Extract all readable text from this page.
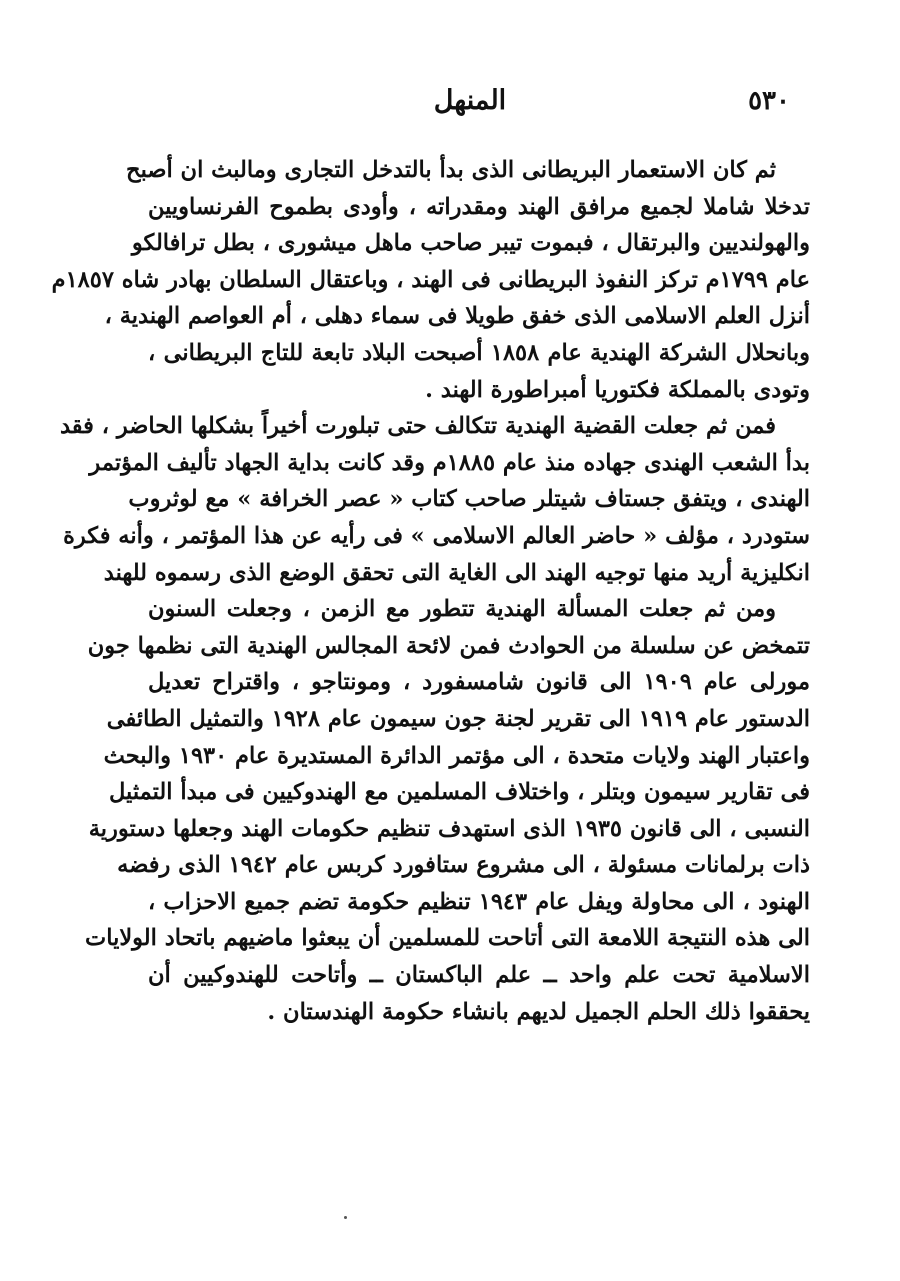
٥٣٠
المنهل
ثم كان الاستعمار البريطانى الذى بدأ بالتدخل التجارى ومالبث ان أصبح
تدخلا شاملا لجميع مرافق الهند ومقدراته ، وأودى بطموح الفرنساويين
والهولنديين والبرتقال ، فبموت تيبر صاحب ماهل ميشورى ، بطل ترافالكو
عام ١٧٩٩م تركز النفوذ البريطانى فى الهند ، وباعتقال السلطان بهادر شاه ١٨٥٧م
أنزل العلم الاسلامى الذى خفق طويلا فى سماء دهلى ، أم العواصم الهندية ،
وبانحلال الشركة الهندية عام ١٨٥٨ أصبحت البلاد تابعة للتاج البريطانى ،
وتودى بالمملكة فكتوريا أمبراطورة الهند .
فمن ثم جعلت القضية الهندية تتكالف حتى تبلورت أخيراً بشكلها الحاضر ، فقد
بدأ الشعب الهندى جهاده منذ عام ١٨٨٥م وقد كانت بداية الجهاد تأليف المؤتمر
الهندى ، ويتفق جستاف شيتلر صاحب كتاب « عصر الخرافة » مع لوثروب
ستودرد ، مؤلف « حاضر العالم الاسلامى » فى رأيه عن هذا المؤتمر ، وأنه فكرة
انكليزية أريد منها توجيه الهند الى الغاية التى تحقق الوضع الذى رسموه للهند
ومن ثم جعلت المسألة الهندية تتطور مع الزمن ، وجعلت السنون
تتمخض عن سلسلة من الحوادث فمن لائحة المجالس الهندية التى نظمها جون
مورلى عام ١٩٠٩ الى قانون شامسفورد ، ومونتاجو ، واقتراح تعديل
الدستور عام ١٩١٩ الى تقرير لجنة جون سيمون عام ١٩٢٨ والتمثيل الطائفى
واعتبار الهند ولايات متحدة ، الى مؤتمر الدائرة المستديرة عام ١٩٣٠ والبحث
فى تقارير سيمون وبتلر ، واختلاف المسلمين مع الهندوكيين فى مبدأ التمثيل
النسبى ، الى قانون ١٩٣٥ الذى استهدف تنظيم حكومات الهند وجعلها دستورية
ذات برلمانات مسئولة ، الى مشروع ستافورد كربس عام ١٩٤٢ الذى رفضه
الهنود ، الى محاولة ويفل عام ١٩٤٣ تنظيم حكومة تضم جميع الاحزاب ،
الى هذه النتيجة اللامعة التى أتاحت للمسلمين أن يبعثوا ماضيهم باتحاد الولايات
الاسلامية تحت علم واحد ــ علم الباكستان ــ وأتاحت للهندوكيين أن
يحققوا ذلك الحلم الجميل لديهم بانشاء حكومة الهندستان .
